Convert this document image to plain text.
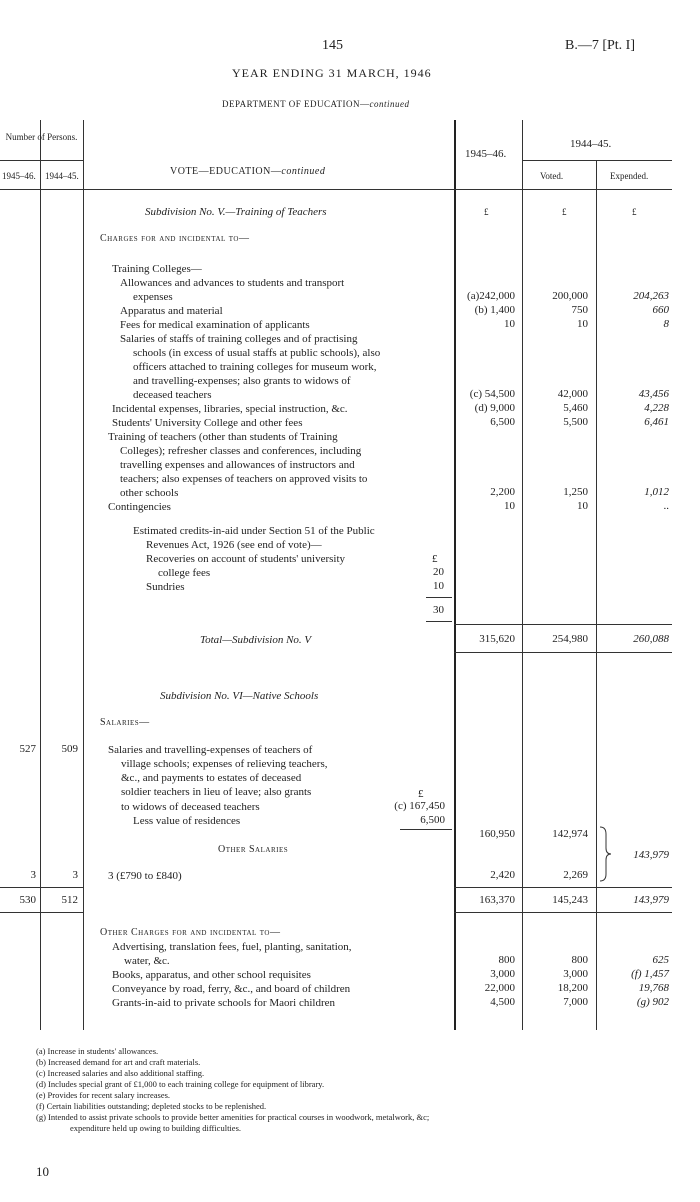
145	B.—7 [Pt. I]
YEAR ENDING 31 MARCH, 1946
DEPARTMENT OF EDUCATION—continued
Number of Persons.
1945–46. 1944–45.	VOTE—EDUCATION—continued
1945–46.
1944–45.
Voted.	Expended.
Subdivision No. V.—Training of Teachers	£	£	£
Charges for and incidental to—
Training Colleges—
Allowances and advances to students and transport
expenses	(a)242,000	200,000	204,263
Apparatus and material	(b) 1,400	750	660
Fees for medical examination of applicants	10	10	8
Salaries of staffs of training colleges and of practising
schools (in excess of usual staffs at public schools), also
officers attached to training colleges for museum work,
and travelling-expenses; also grants to widows of
deceased teachers	(c) 54,500	42,000	43,456
Incidental expenses, libraries, special instruction, &c.	(d) 9,000	5,460	4,228
Students' University College and other fees	6,500	5,500	6,461
Training of teachers (other than students of Training
Colleges); refresher classes and conferences, including
travelling expenses and allowances of instructors and
teachers; also expenses of teachers on approved visits to
other schools	2,200	1,250	1,012
Contingencies	10	10	..
Estimated credits-in-aid under Section 51 of the Public
Revenues Act, 1926 (see end of vote)—
Recoveries on account of students' university	£
college fees	20
Sundries	10
30
Total—Subdivision No. V	315,620	254,980	260,088
Subdivision No. VI—Native Schools
Salaries—
527	509	Salaries and travelling-expenses of teachers of
village schools; expenses of relieving teachers,
&c., and payments to estates of deceased
soldier teachers in lieu of leave; also grants	£
to widows of deceased teachers	(c) 167,450
Less value of residences	6,500
160,950	142,974
143,979
Other Salaries
3	3	3 (£790 to £840)	2,420	2,269
530	512	163,370	145,243	143,979
Other Charges for and incidental to—
Advertising, translation fees, fuel, planting, sanitation,
water, &c.	800	800	625
Books, apparatus, and other school requisites	3,000	3,000	(f) 1,457
Conveyance by road, ferry, &c., and board of children	22,000	18,200	19,768
Grants-in-aid to private schools for Maori children	4,500	7,000	(g) 902
(a) Increase in students' allowances.
(b) Increased demand for art and craft materials.
(c) Increased salaries and also additional staffing.
(d) Includes special grant of £1,000 to each training college for equipment of library.
(e) Provides for recent salary increases.
(f) Certain liabilities outstanding; depleted stocks to be replenished.
(g) Intended to assist private schools to provide better amenities for practical courses in woodwork, metalwork, &c;
expenditure held up owing to building difficulties.
10
